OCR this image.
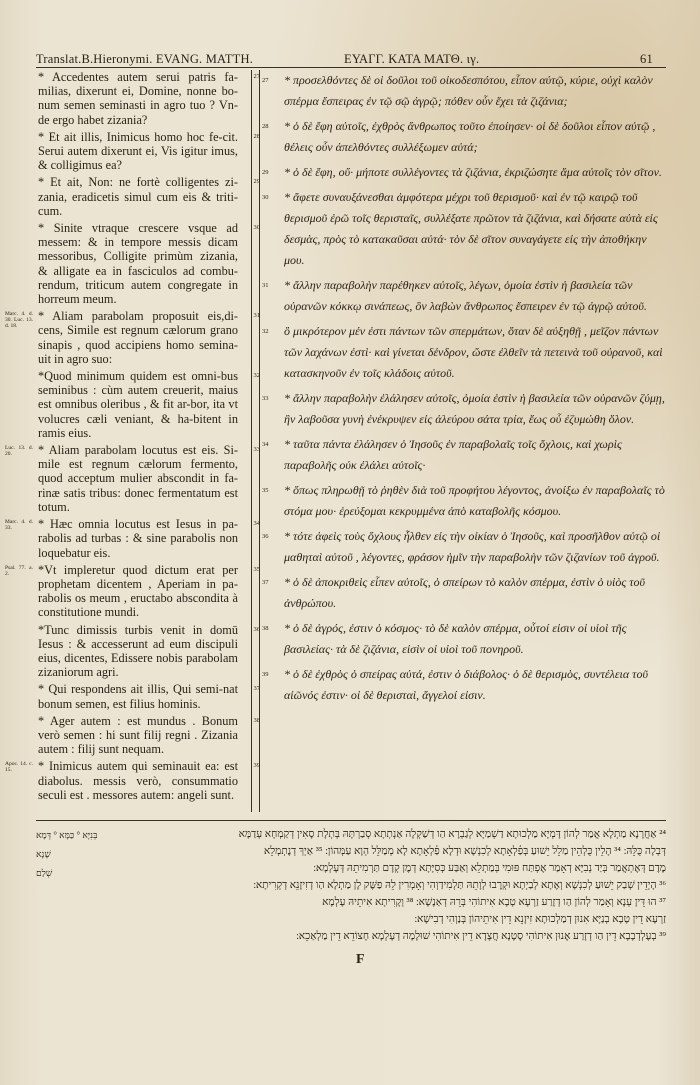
Translat.B.Hieronymi. EVANG. MATTH.	ΕΥΑΓΓ. ΚΑΤΑ ΜΑΤΘ. ιγ.	61
* Accedentes autem serui patris fa-milias, dixerunt ei, Domine, nonne bo-num semen seminasti in agro tuo ? Vn-de ergo habet zizania?
27
* Et ait illis, Inimicus homo hoc fe-cit. Serui autem dixerunt ei, Vis igitur imus, & colligimus ea?
28
* Et ait, Non: ne fortè colligentes zi-zania, eradicetis simul cum eis & triti-cum.
29
* Sinite vtraque crescere vsque ad messem: & in tempore messis dicam messoribus, Colligite primùm zizania, & alligate ea in fasciculos ad combu-rendum, triticum autem congregate in horreum meum.
30
* Aliam parabolam proposuit eis,di-cens, Simile est regnum cælorum grano sinapis , quod accipiens homo semina-uit in agro suo:
31
Marc. 4. d. 30. Luc. 13. d. 18.
*Quod minimum quidem est omni-bus seminibus : cùm autem creuerit, maius est omnibus oleribus , & fit ar-bor, ita vt volucres cæli veniant, & ha-bitent in ramis eius.
32
* Aliam parabolam locutus est eis. Si-mile est regnum cælorum fermento, quod acceptum mulier abscondit in fa-rinæ satis tribus: donec fermentatum est totum.
33
Luc. 13. d. 20.
* Hæc omnia locutus est Iesus in pa-rabolis ad turbas : & sine parabolis non loquebatur eis.
34
Marc. 4. d. 33.
*Vt impleretur quod dictum erat per prophetam dicentem , Aperiam in pa-rabolis os meum , eructabo abscondita à constitutione mundi.
35
Psal. 77. a. 2.
*Tunc dimissis turbis venit in domū Iesus : & accesserunt ad eum discipuli eius, dicentes, Edissere nobis parabolam zizaniorum agri.
36
* Qui respondens ait illis, Qui semi-nat bonum semen, est filius hominis.
37
* Ager autem : est mundus . Bonum verò semen : hi sunt filij regni . Zizania autem : filij sunt nequam.
38
* Inimicus autem qui seminauit ea: est diabolus. messis verò, consummatio seculi est . messores autem: angeli sunt.
39
Apoc. 14. c. 15.
27 * προσελθόντες δὲ οἱ δοῦλοι τοῦ οἰκοδεσπότου, εἶπον αὐτῷ, κύριε, οὐχὶ καλὸν σπέρμα ἔσπειρας ἐν τῷ σῷ ἀγρῷ; πόθεν οὖν ἔχει τὰ ζιζάνια;
28 * ὁ δὲ ἔφη αὐτοῖς, ἐχθρὸς ἄνθρωπος τοῦτο ἐποίησεν· οἱ δὲ δοῦλοι εἶπον αὐτῷ , θέλεις οὖν ἀπελθόντες συλλέξωμεν αὐτά;
29 * ὁ δὲ ἔφη, οὔ· μήποτε συλλέγοντες τὰ ζιζάνια, ἐκριζώσητε ἅμα αὐτοῖς τὸν σῖτον.
30 * ἄφετε συναυξάνεσθαι ἀμφότερα μέχρι τοῦ θερισμοῦ· καὶ ἐν τῷ καιρῷ τοῦ θερισμοῦ ἐρῶ τοῖς θερισταῖς, συλλέξατε πρῶτον τὰ ζιζάνια, καὶ δήσατε αὐτὰ εἰς δεσμὰς, πρὸς τὸ κατακαῦσαι αὐτά· τὸν δὲ σῖτον συναγάγετε εἰς τὴν ἀποθήκην μου.
31 * ἄλλην παραβολὴν παρέθηκεν αὐτοῖς, λέγων, ὁμοία ἐστὶν ἡ βασιλεία τῶν οὐρανῶν κόκκῳ σινάπεως, ὃν λαβὼν ἄνθρωπος ἔσπειρεν ἐν τῷ ἀγρῷ αὐτοῦ.
32 ὃ μικρότερον μέν ἐστι πάντων τῶν σπερμάτων, ὅταν δὲ αὐξηθῇ , μεῖζον πάντων τῶν λαχάνων ἐστὶ· καὶ γίνεται δένδρον, ὥστε ἐλθεῖν τὰ πετεινὰ τοῦ οὐρανοῦ, καὶ κατασκηνοῦν ἐν τοῖς κλάδοις αὐτοῦ.
33 * ἄλλην παραβολὴν ἐλάλησεν αὐτοῖς, ὁμοία ἐστὶν ἡ βασιλεία τῶν οὐρανῶν ζύμῃ, ἣν λαβοῦσα γυνὴ ἐνέκρυψεν εἰς ἀλεύρου σάτα τρία, ἕως οὗ ἐζυμώθη ὅλον.
34 * ταῦτα πάντα ἐλάλησεν ὁ Ἰησοῦς ἐν παραβολαῖς τοῖς ὄχλοις, καὶ χωρὶς παραβολῆς οὐκ ἐλάλει αὐτοῖς·
35 * ὅπως πληρωθῇ τὸ ῥηθὲν διὰ τοῦ προφήτου λέγοντος, ἀνοίξω ἐν παραβολαῖς τὸ στόμα μου· ἐρεύξομαι κεκρυμμένα ἀπὸ καταβολῆς κόσμου.
36 * τότε ἀφεὶς τοὺς ὄχλους ἦλθεν εἰς τὴν οἰκίαν ὁ Ἰησοῦς, καὶ προσῆλθον αὐτῷ οἱ μαθηταὶ αὐτοῦ , λέγοντες, φράσον ἡμῖν τὴν παραβολὴν τῶν ζιζανίων τοῦ ἀγροῦ.
37 * ὁ δὲ ἀποκριθεὶς εἶπεν αὐτοῖς, ὁ σπείρων τὸ καλὸν σπέρμα, ἐστὶν ὁ υἱὸς τοῦ ἀνθρώπου.
38 * ὁ δὲ ἀγρός, ἐστιν ὁ κόσμος· τὸ δὲ καλὸν σπέρμα, οὗτοί εἰσιν οἱ υἱοὶ τῆς βασιλείας· τὰ δὲ ζιζάνια, εἰσὶν οἱ υἱοὶ τοῦ πονηροῦ.
39 * ὁ δὲ ἐχθρὸς ὁ σπείρας αὐτά, ἐστιν ὁ διάβολος· ὁ δὲ θερισμὸς, συντέλεια τοῦ αἰῶνός ἐστιν· οἱ δὲ θερισταὶ, ἄγγελοί εἰσιν.
²⁴ אַחֲרָנָא מַתְלָא אֲמַר לְהוֹן דָּמְיָא מַלְכוּתָא דַשְׁמַיָּא לְגַבְרָא הַו דְשַׁקְלָה אַנְתְתָא סְבַרְתָּהּ בְּתְלָת סָאִין דְקַמְחָא עְדַמָּא
דְּבְלָה כֻּלֵּהּ ׃ ³⁴ הָלֵין כֻּלְהֵין מַלֵל יֵשׁוּעַ בְּפַ֫לְאָתָא לְכִנְשָׁא וּדְלָא פַ֫לְאָתָא לָא מְמַלֵּל הְוָא עַמְּהוֹן ׃ ³⁵ אַיְךְ דְנֶתְמְלֵא
מֶדֶם דְּאֶתְאֲמַר בְּיַד נְבִיָּא דְאָמַר אֶפְתַּח פּוּמִי בְּמַתְלֵא וְאַבַּע כְּסִיָּתָא דְמֶן קְדָם תַּרְמִיתֵהּ דְּעָלְמָא ׃
³⁶ הָיְדֵין שְׁבַק יֵשׁוּעַ לְכִנְשָׁא וְאֶתָא לְבַיְתָא וּקְרֶבוּ לְוָתֵהּ תַּלְמִידַוְהִי וְאָמְרִין לֵהּ פַשֶּׁק לָן מַתְלָא הַו דְזִיזָנֵא דְקְרִיתָא ׃
³⁷ הוּ דֵּין עְנָא וְאָמַר לְהוֹן הַו דְזָרַע זַרְעָא טָבָא אִיתוֹהִי בְּרֵהּ דְאַנָשָׁא ׃ ³⁸ וְקָרִיתָא אִיתֵיהּ עָלְמָא
זַרְעָא דֵין טָבָא בְנַיָּא אִנוּן דְמַלְכוּתָא זִיזָנֵא דֵין אִיתֵיהוֹן בְּנַוְהִי דְבִישָׁא ׃
³⁹ בְעֶלְדְבָבָא דֵין הַו דְזָרַע אֶנוּן אִיתוֹהִי סָטָנָא חֲצָדָא דֵין אִיתוֹהִי שׁוּלָמָה דְעָלְמָא חָצוֹדֵא דֵין מַלְאַכֵא ׃
בְּנִיָּא ° כַּמָּא ° דְּמָא
שָׁנָא
שְׁלַם
F
